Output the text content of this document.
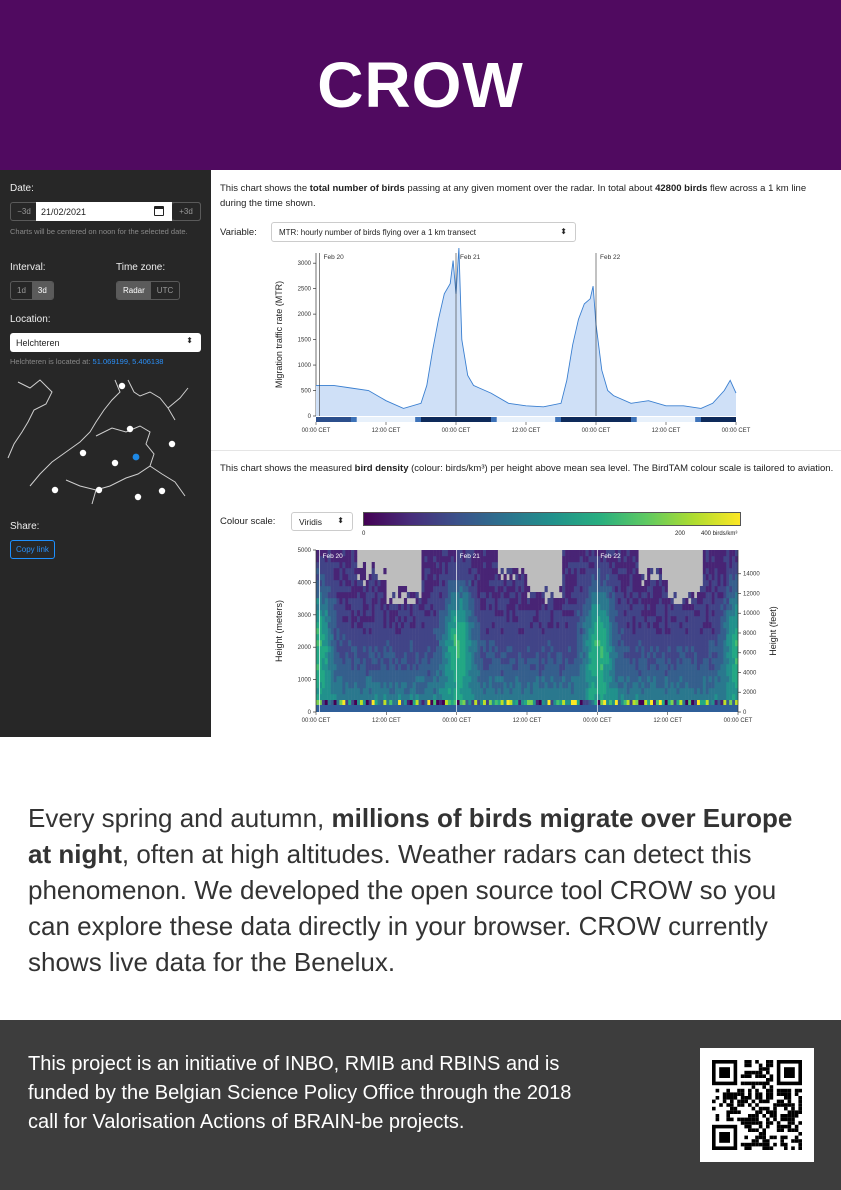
CROW
Date:
−3d	+3d
21/02/2021
Charts will be centered on noon for the selected date.
Interval:
1d	3d
Time zone:
Radar	UTC
Location:
Helchteren	⬍
Helchteren is located at: 51.069199, 5.406138
Share:
Copy link
This chart shows the total number of birds passing at any given moment over the radar. In total about 42800 birds flew across a 1 km line during the time shown.
Variable:	MTR: hourly number of birds flying over a 1 km transect	⬍
0
500
1000
1500
2000
2500
3000
Migration traffic rate (MTR)
Feb 20	Feb 21	Feb 22
00:00 CET	12:00 CET	00:00 CET	12:00 CET	00:00 CET	12:00 CET	00:00 CET
This chart shows the measured bird density (colour: birds/km³) per height above mean sea level. The BirdTAM colour scale is tailored to aviation.
Colour scale:	Viridis ⬍
0	200	400 birds/km³
0
1000
2000
3000
4000
5000
0
2000
4000
6000
8000
10000
12000
14000
Height (meters)	Height (feet)
Feb 20	Feb 21	Feb 22
00:00 CET	12:00 CET	00:00 CET	12:00 CET	00:00 CET	12:00 CET	00:00 CET
Every spring and autumn, millions of birds migrate over Europe at night, often at high altitudes. Weather radars can detect this phenomenon. We developed the open source tool CROW so you can explore these data directly in your browser. CROW currently shows live data for the Benelux.
This project is an initiative of INBO, RMIB and RBINS and is funded by the Belgian Science Policy Office through the 2018 call for Valorisation Actions of BRAIN-be projects.
